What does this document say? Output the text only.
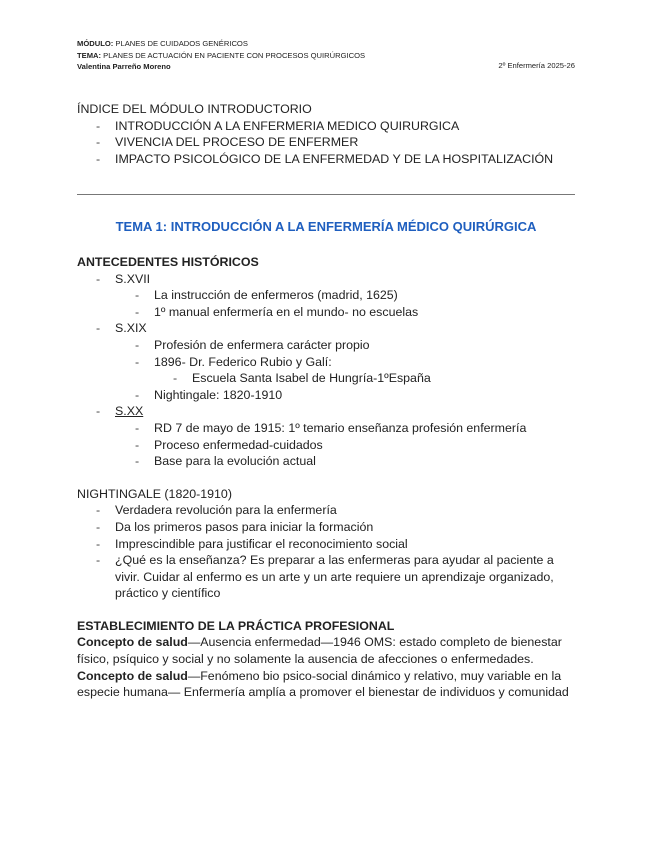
MÓDULO: PLANES DE CUIDADOS GENÉRICOS
TEMA: PLANES DE ACTUACIÓN EN PACIENTE CON PROCESOS QUIRÚRGICOS
Valentina Parreño Moreno	2º Enfermería 2025-26
ÍNDICE DEL MÓDULO INTRODUCTORIO
- INTRODUCCIÓN A LA ENFERMERIA MEDICO QUIRURGICA
- VIVENCIA DEL PROCESO DE ENFERMER
- IMPACTO PSICOLÓGICO DE LA ENFERMEDAD Y DE LA HOSPITALIZACIÓN
TEMA 1: INTRODUCCIÓN A LA ENFERMERÍA MÉDICO QUIRÚRGICA

ANTECEDENTES HISTÓRICOS

- S.XVII
- La instrucción de enfermeros (madrid, 1625)
- 1º manual enfermería en el mundo- no escuelas
- S.XIX
- Profesión de enfermera carácter propio
- 1896- Dr. Federico Rubio y Galí:
- Escuela Santa Isabel de Hungría-1ºEspaña
- Nightingale: 1820-1910
- S.XX
- RD 7 de mayo de 1915: 1º temario enseñanza profesión enfermería
- Proceso enfermedad-cuidados
- Base para la evolución actual

NIGHTINGALE (1820-1910)

- Verdadera revolución para la enfermería
- Da los primeros pasos para iniciar la formación
- Imprescindible para justificar el reconocimiento social
- ¿Qué es la enseñanza? Es preparar a las enfermeras para ayudar al paciente a vivir. Cuidar al enfermo es un arte y un arte requiere un aprendizaje organizado, práctico y científico

ESTABLECIMIENTO DE LA PRÁCTICA PROFESIONAL

Concepto de salud—Ausencia enfermedad—1946 OMS: estado completo de bienestar físico, psíquico y social y no solamente la ausencia de afecciones o enfermedades.

Concepto de salud—Fenómeno bio psico-social dinámico y relativo, muy variable en la especie humana— Enfermería amplía a promover el bienestar de individuos y comunidad
